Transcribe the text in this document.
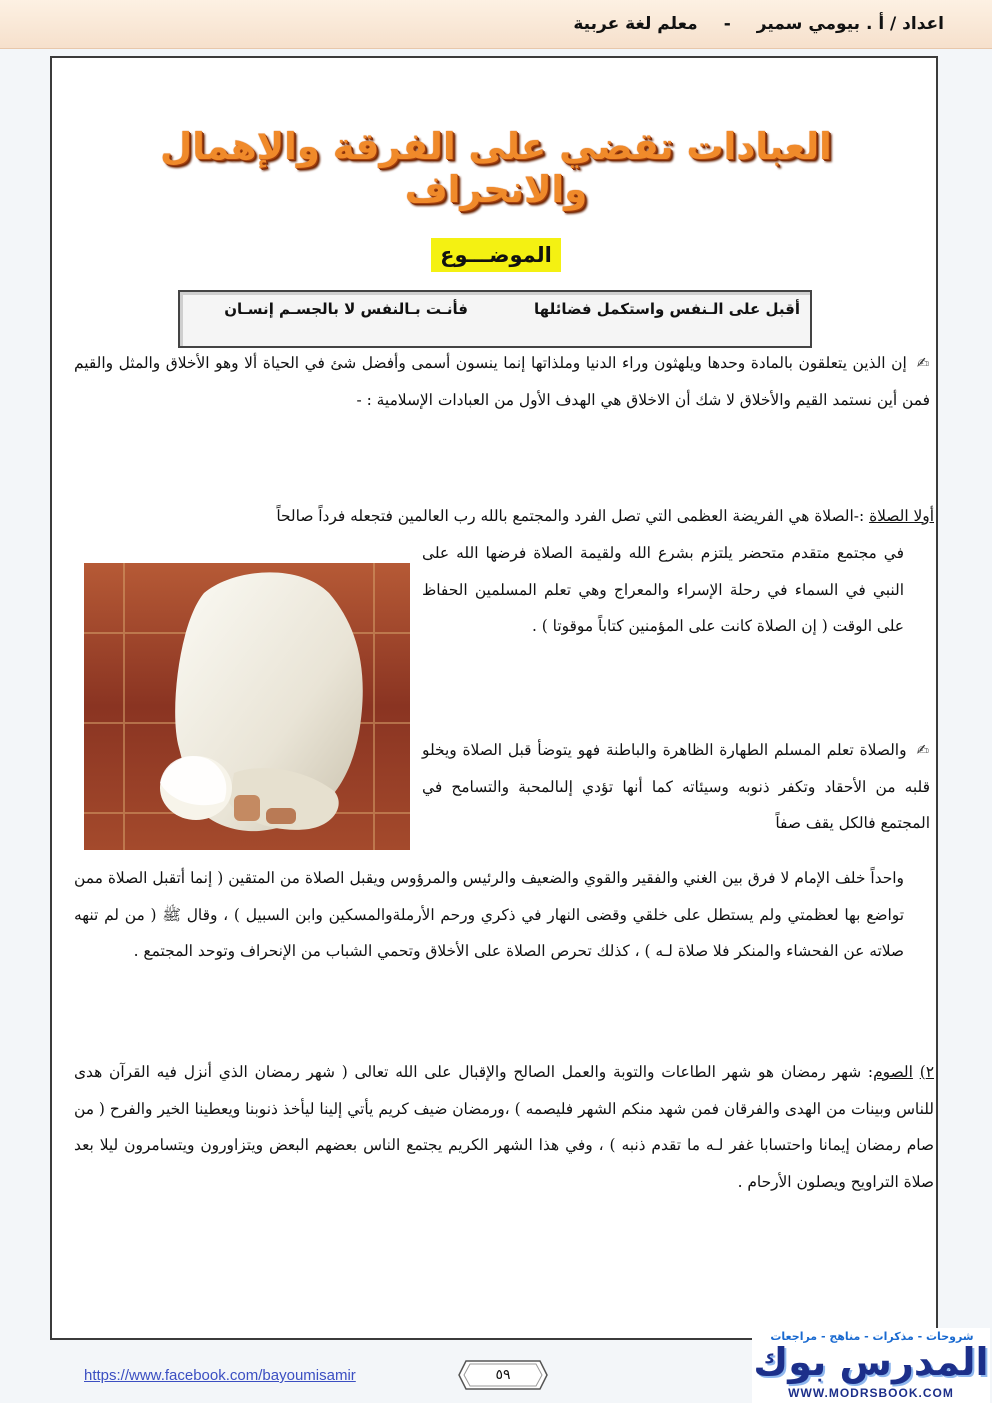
اعداد / أ . بيومي سمير-معلم لغة عربية
العبادات تقضي على الفرقة والإهمال والانحراف
الموضـــوع
أقبل على الـنفس واستكمل فضائلها
فأنـت بـالنفس لا بالجسـم إنسـان
✍إن الذين يتعلقون بالمادة وحدها ويلهثون وراء الدنيا وملذاتها إنما ينسون أسمى وأفضل شئ في الحياة ألا وهو الأخلاق والمثل والقيم فمن أين نستمد القيم والأخلاق لا شك أن الاخلاق هي الهدف الأول من العبادات الإسلامية : -
أولا الصلاة :-الصلاة هي الفريضة العظمى التي تصل الفرد والمجتمع بالله رب العالمين فتجعله فرداً صالحاً
في مجتمع متقدم متحضر يلتزم بشرع الله ولقيمة الصلاة فرضها الله على النبي في السماء في رحلة الإسراء والمعراج وهي تعلم المسلمين الحفاظ على الوقت ( إن الصلاة كانت على المؤمنين كتاباً موقوتا ) .
✍والصلاة تعلم المسلم الطهارة الظاهرة والباطنة فهو يتوضأ قبل الصلاة ويخلو قلبه من الأحقاد وتكفر ذنوبه وسيئاته كما أنها تؤدي إلىالمحبة والتسامح في المجتمع فالكل يقف صفاً
واحداً خلف الإمام لا فرق بين الغني والفقير والقوي والضعيف والرئيس والمرؤوس ويقبل الصلاة من المتقين ( إنما أتقبل الصلاة ممن تواضع بها لعظمتي ولم يستطل على خلقي وقضى النهار في ذكري ورحم الأرملةوالمسكين وابن السبيل ) ، وقال ﷺ ( من لم تنهه صلاته عن الفحشاء والمنكر فلا صلاة لـه ) ، كذلك تحرص الصلاة على الأخلاق وتحمي الشباب من الإنحراف وتوحد المجتمع .
٢) الصوم: شهر رمضان هو شهر الطاعات والتوبة والعمل الصالح والإقبال على الله تعالى ( شهر رمضان الذي أنزل فيه القرآن هدى للناس وبينات من الهدى والفرقان فمن شهد منكم الشهر فليصمه ) ،ورمضان ضيف كريم يأتي إلينا ليأخذ ذنوبنا ويعطينا الخير والفرح ( من صام رمضان إيمانا واحتسابا غفر لـه ما تقدم ذنبه ) ، وفي هذا الشهر الكريم يجتمع الناس بعضهم البعض ويتزاورون ويتسامرون ليلا بعد صلاة التراويح ويصلون الأرحام .
https://www.facebook.com/bayoumisamir	٥٩
شروحات - مذكرات - مناهج - مراجعات
المدرس بوك
WWW.MODRSBOOK.COM
